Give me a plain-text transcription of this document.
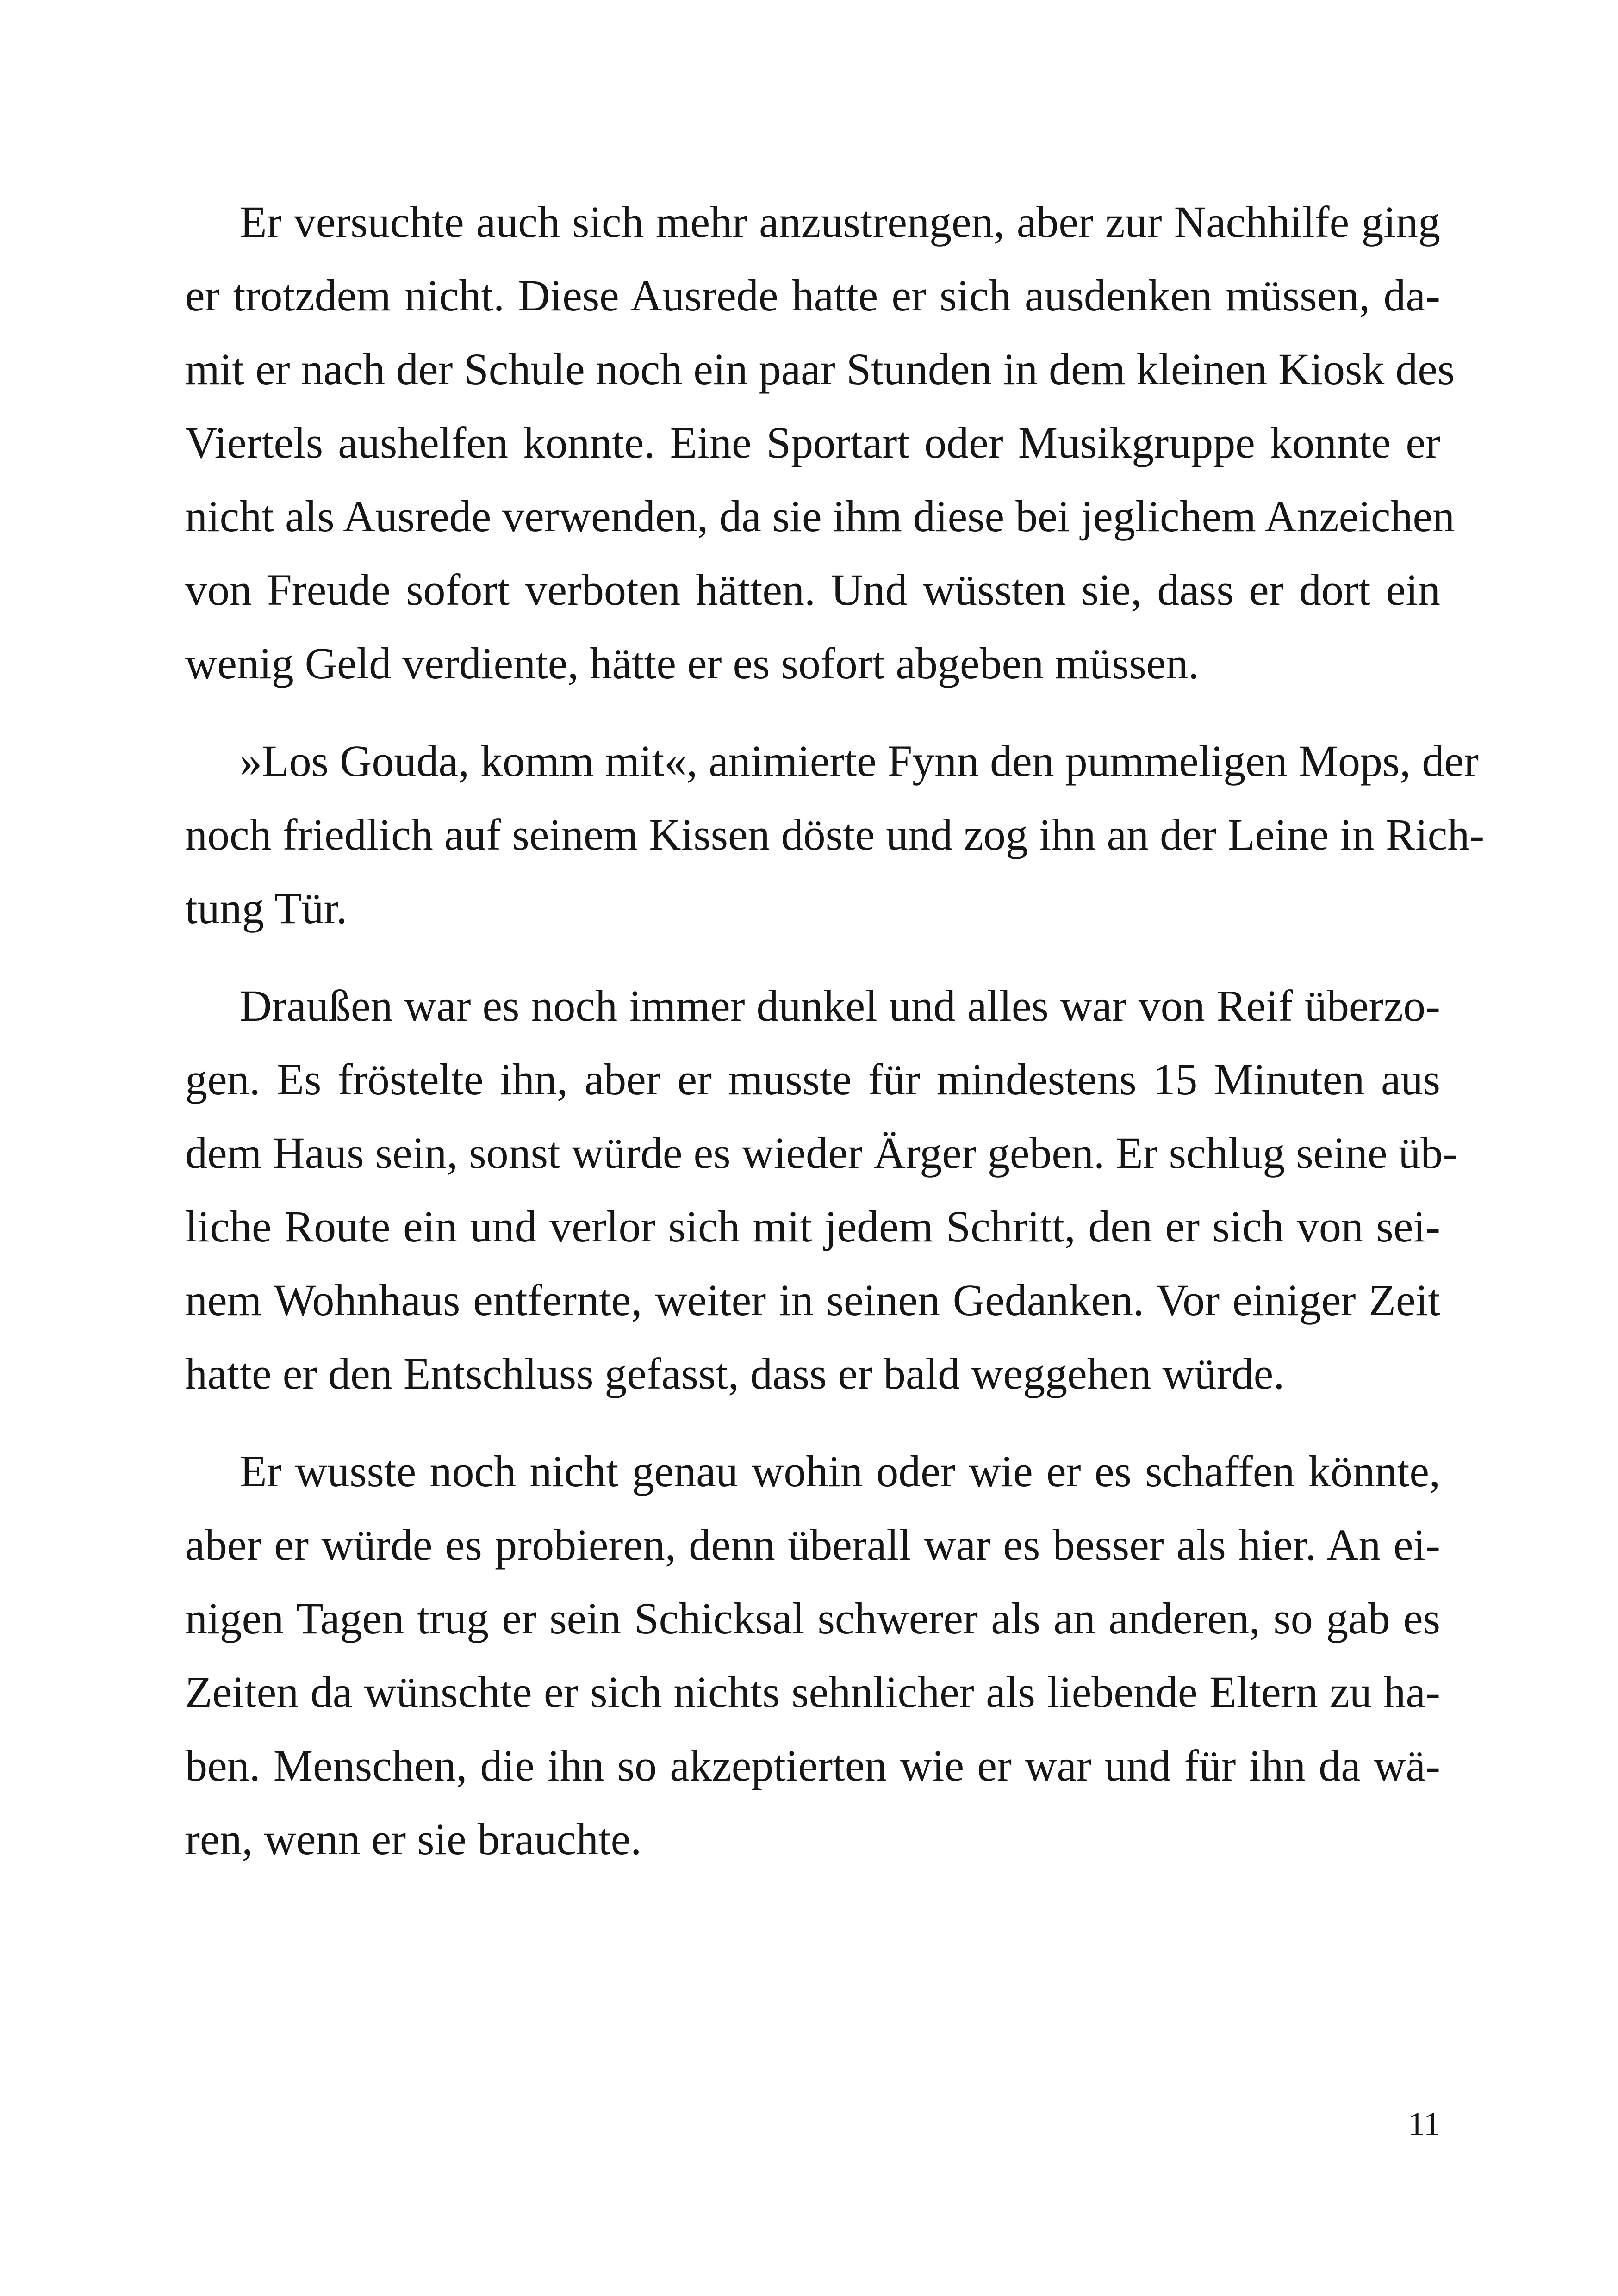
Er versuchte auch sich mehr anzustrengen, aber zur Nachhilfe ging
er trotzdem nicht. Diese Ausrede hatte er sich ausdenken müssen, da-
mit er nach der Schule noch ein paar Stunden in dem kleinen Kiosk des
Viertels aushelfen konnte. Eine Sportart oder Musikgruppe konnte er
nicht als Ausrede verwenden, da sie ihm diese bei jeglichem Anzeichen
von Freude sofort verboten hätten. Und wüssten sie, dass er dort ein
wenig Geld verdiente, hätte er es sofort abgeben müssen.

»Los Gouda, komm mit«, animierte Fynn den pummeligen Mops, der
noch friedlich auf seinem Kissen döste und zog ihn an der Leine in Rich-
tung Tür.

Draußen war es noch immer dunkel und alles war von Reif überzo-
gen. Es fröstelte ihn, aber er musste für mindestens 15 Minuten aus
dem Haus sein, sonst würde es wieder Ärger geben. Er schlug seine üb-
liche Route ein und verlor sich mit jedem Schritt, den er sich von sei-
nem Wohnhaus entfernte, weiter in seinen Gedanken. Vor einiger Zeit
hatte er den Entschluss gefasst, dass er bald weggehen würde.

Er wusste noch nicht genau wohin oder wie er es schaffen könnte,
aber er würde es probieren, denn überall war es besser als hier. An ei-
nigen Tagen trug er sein Schicksal schwerer als an anderen, so gab es
Zeiten da wünschte er sich nichts sehnlicher als liebende Eltern zu ha-
ben. Menschen, die ihn so akzeptierten wie er war und für ihn da wä-
ren, wenn er sie brauchte.

11
